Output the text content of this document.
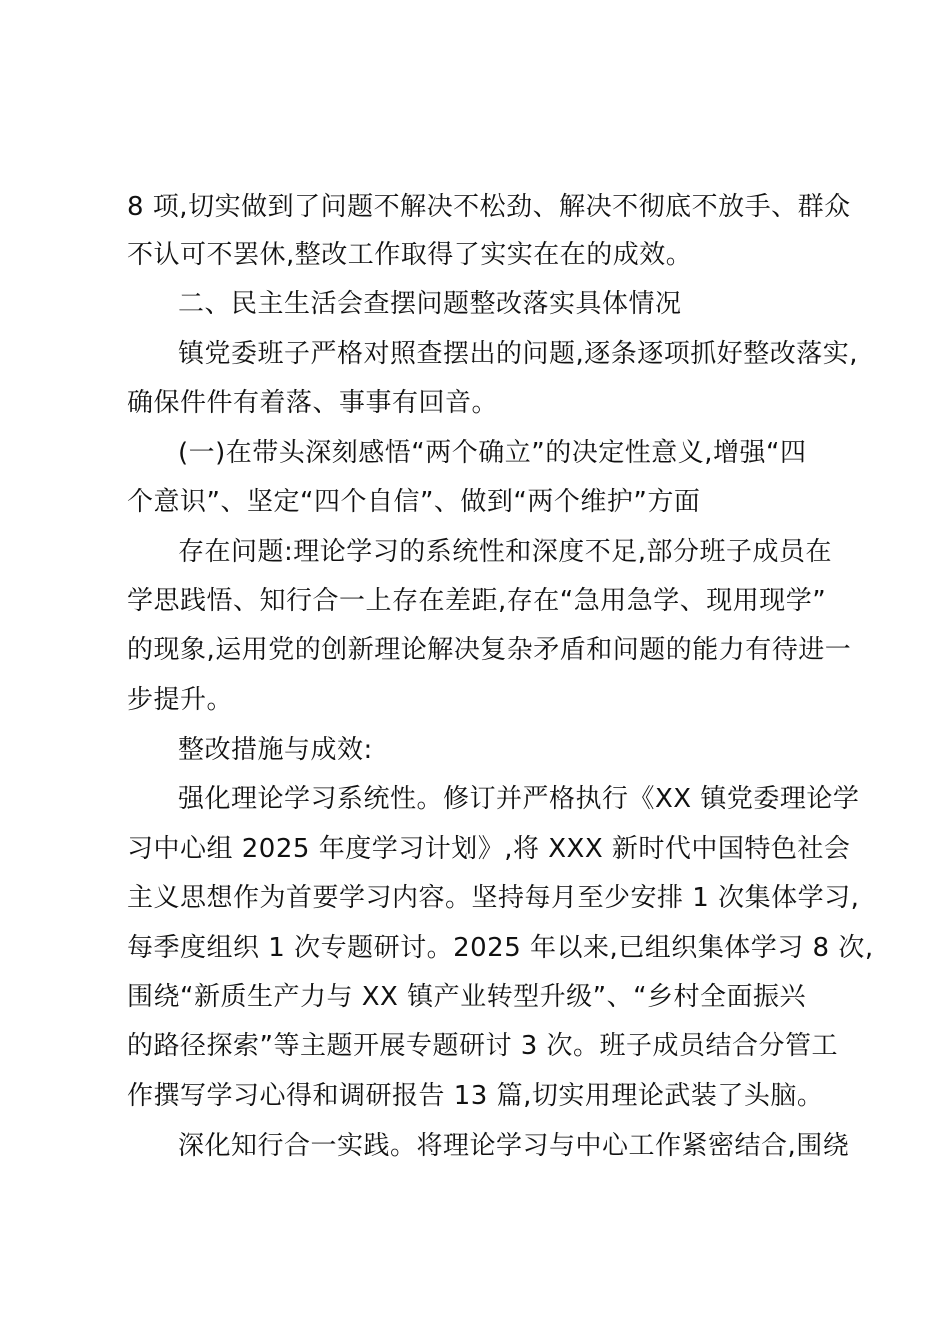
8 项,切实做到了问题不解决不松劲、解决不彻底不放手、群众
不认可不罢休,整改工作取得了实实在在的成效。
二、民主生活会查摆问题整改落实具体情况
镇党委班子严格对照查摆出的问题,逐条逐项抓好整改落实,
确保件件有着落、事事有回音。
(一)在带头深刻感悟“两个确立”的决定性意义,增强“四
个意识”、坚定“四个自信”、做到“两个维护”方面
存在问题:理论学习的系统性和深度不足,部分班子成员在
学思践悟、知行合一上存在差距,存在“急用急学、现用现学”
的现象,运用党的创新理论解决复杂矛盾和问题的能力有待进一
步提升。
整改措施与成效:
强化理论学习系统性。修订并严格执行《XX 镇党委理论学
习中心组 2025 年度学习计划》,将 XXX 新时代中国特色社会
主义思想作为首要学习内容。坚持每月至少安排 1 次集体学习,
每季度组织 1 次专题研讨。2025 年以来,已组织集体学习 8 次,
围绕“新质生产力与 XX 镇产业转型升级”、“乡村全面振兴
的路径探索”等主题开展专题研讨 3 次。班子成员结合分管工
作撰写学习心得和调研报告 13 篇,切实用理论武装了头脑。
深化知行合一实践。将理论学习与中心工作紧密结合,围绕
